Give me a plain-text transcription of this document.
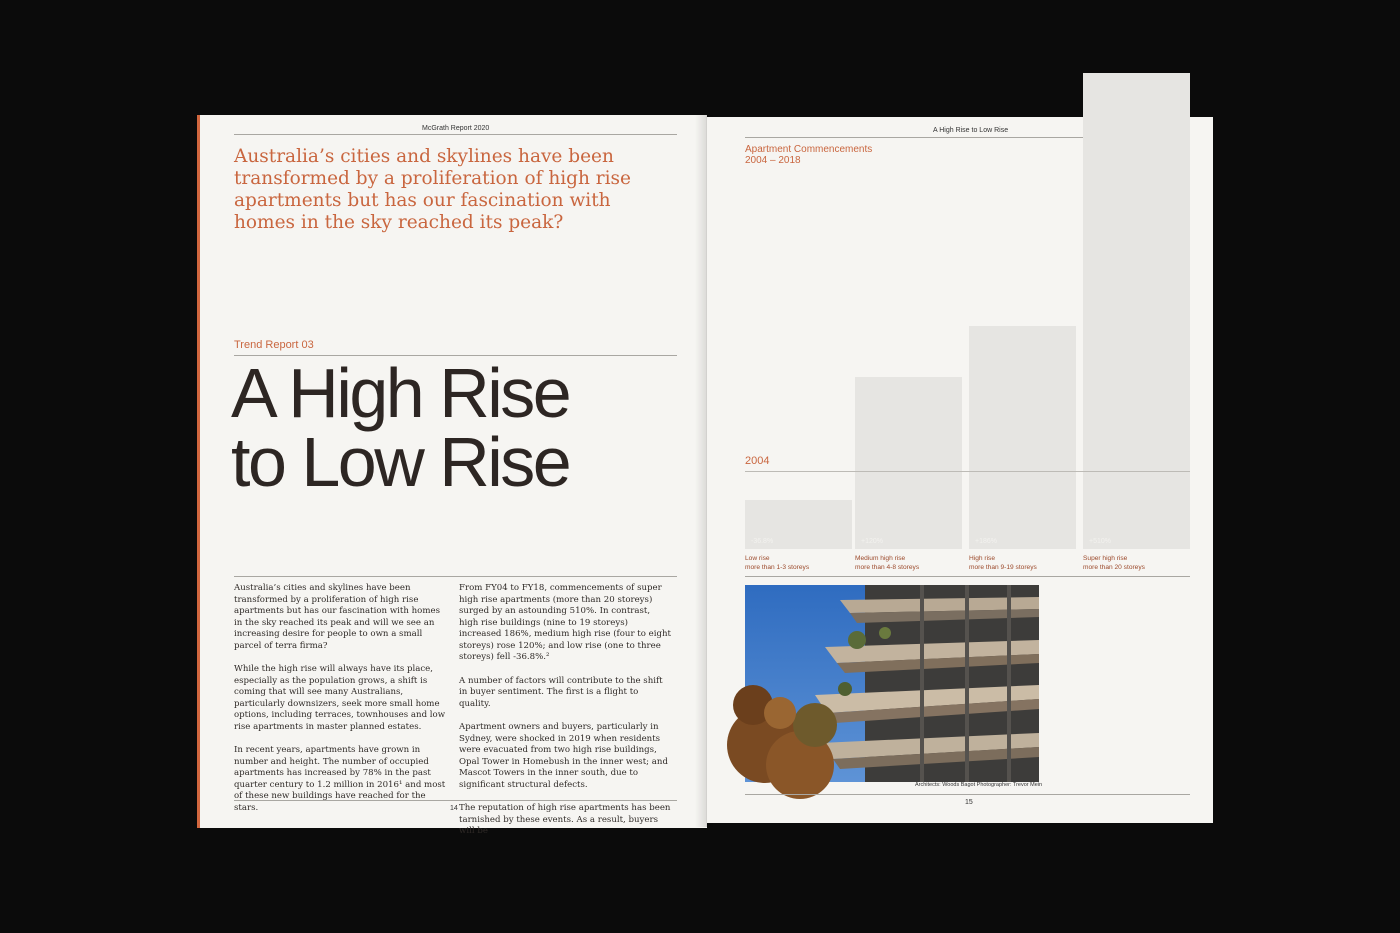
McGrath Report 2020

Australia’s cities and skylines have been transformed by a proliferation of high rise apartments but has our fascination with homes in the sky reached its peak?

Trend Report 03
A High Rise
to Low Rise

Australia’s cities and skylines have been transformed by a proliferation of high rise apartments but has our fascination with homes in the sky reached its peak and will we see an increasing desire for people to own a small parcel of terra firma?

While the high rise will always have its place, especially as the population grows, a shift is coming that will see many Australians, particularly downsizers, seek more small home options, including terraces, townhouses and low rise apartments in master planned estates.

In recent years, apartments have grown in number and height. The number of occupied apartments has increased by 78% in the past quarter century to 1.2 million in 2016¹ and most of these new buildings have reached for the stars.

From FY04 to FY18, commencements of super high rise apartments (more than 20 storeys) surged by an astounding 510%. In contrast, high rise buildings (nine to 19 storeys) increased 186%, medium high rise (four to eight storeys) rose 120%; and low rise (one to three storeys) fell -36.8%.²

A number of factors will contribute to the shift in buyer sentiment. The first is a flight to quality.

Apartment owners and buyers, particularly in Sydney, were shocked in 2019 when residents were evacuated from two high rise buildings, Opal Tower in Homebush in the inner west; and Mascot Towers in the inner south, due to significant structural defects.

The reputation of high rise apartments has been tarnished by these events. As a result, buyers will be

14
A High Rise to Low Rise
Apartment Commencements
2004 – 2018
-36.8%	+120%	+186%	+510%
2004
Low rise
more than 1-3 storeys
Medium high rise
more than 4-8 storeys
High rise
more than 9-19 storeys
Super high rise
more than 20 storeys
Architects: Woods Bagot Photographer: Trevor Mein
15
